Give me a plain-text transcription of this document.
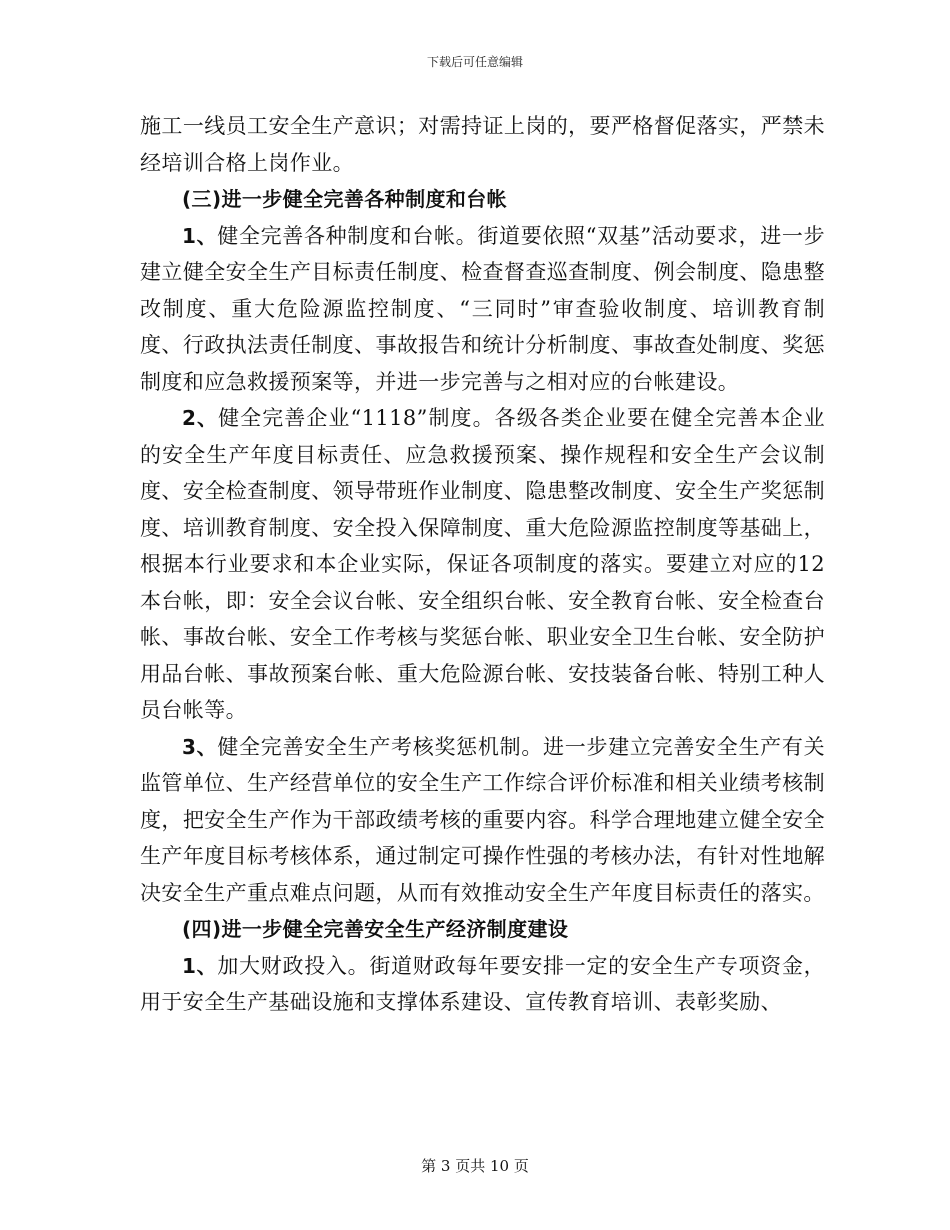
下载后可任意编辑

施工一线员工安全生产意识；对需持证上岗的，要严格督促落实，严禁未经培训合格上岗作业。

(三)进一步健全完善各种制度和台帐

1、健全完善各种制度和台帐。街道要依照“双基”活动要求，进一步建立健全安全生产目标责任制度、检查督查巡查制度、例会制度、隐患整改制度、重大危险源监控制度、“三同时”审查验收制度、培训教育制度、行政执法责任制度、事故报告和统计分析制度、事故查处制度、奖惩制度和应急救援预案等，并进一步完善与之相对应的台帐建设。

2、健全完善企业“1118”制度。各级各类企业要在健全完善本企业的安全生产年度目标责任、应急救援预案、操作规程和安全生产会议制度、安全检查制度、领导带班作业制度、隐患整改制度、安全生产奖惩制度、培训教育制度、安全投入保障制度、重大危险源监控制度等基础上，根据本行业要求和本企业实际，保证各项制度的落实。要建立对应的12本台帐，即：安全会议台帐、安全组织台帐、安全教育台帐、安全检查台帐、事故台帐、安全工作考核与奖惩台帐、职业安全卫生台帐、安全防护用品台帐、事故预案台帐、重大危险源台帐、安技装备台帐、特别工种人员台帐等。

3、健全完善安全生产考核奖惩机制。进一步建立完善安全生产有关监管单位、生产经营单位的安全生产工作综合评价标准和相关业绩考核制度，把安全生产作为干部政绩考核的重要内容。科学合理地建立健全安全生产年度目标考核体系，通过制定可操作性强的考核办法，有针对性地解决安全生产重点难点问题，从而有效推动安全生产年度目标责任的落实。

(四)进一步健全完善安全生产经济制度建设

1、加大财政投入。街道财政每年要安排一定的安全生产专项资金，用于安全生产基础设施和支撑体系建设、宣传教育培训、表彰奖励、

第 3 页共 10 页
